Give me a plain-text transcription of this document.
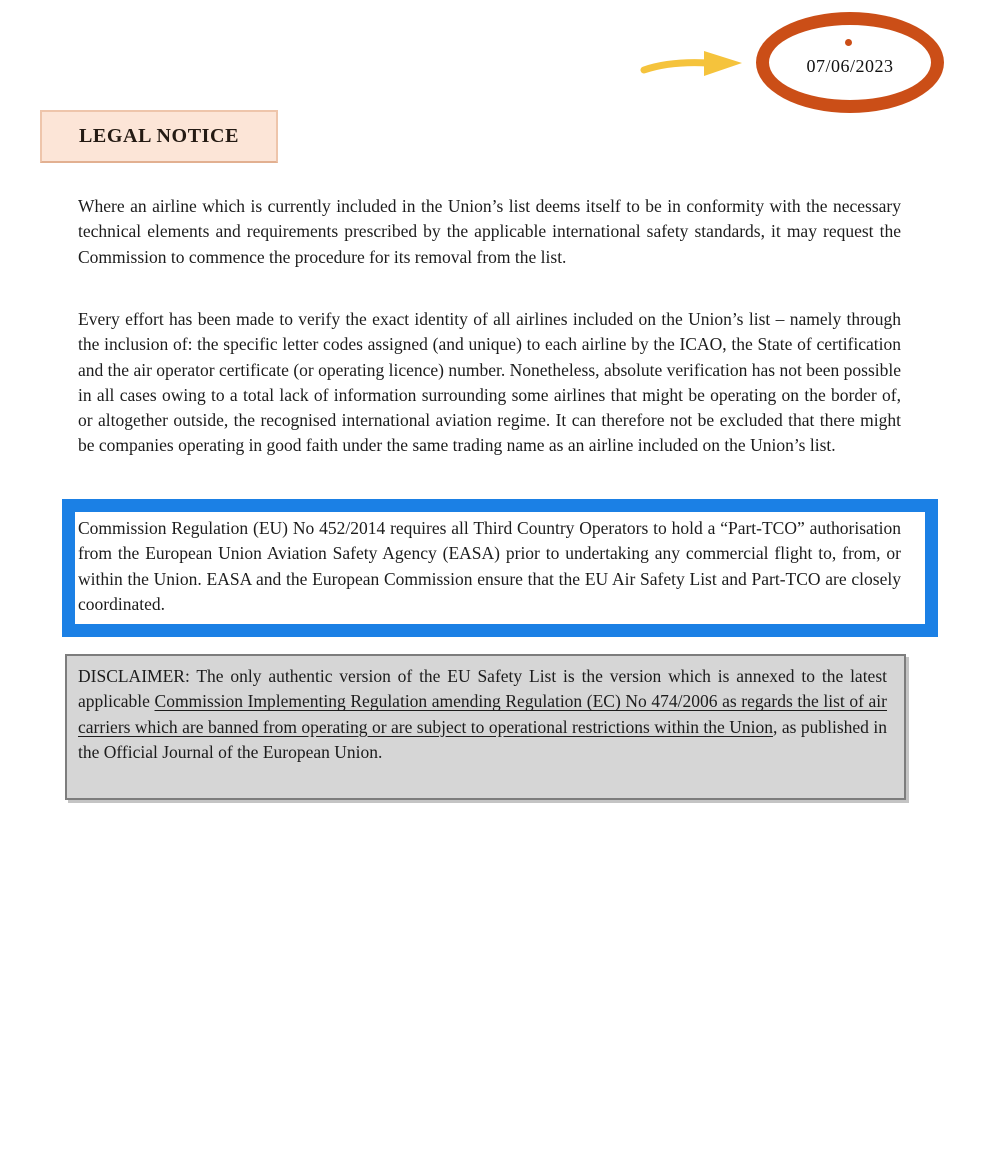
07/06/2023
LEGAL NOTICE

Where an airline which is currently included in the Union’s list deems itself to be in conformity with the necessary technical elements and requirements prescribed by the applicable international safety standards, it may request the Commission to commence the procedure for its removal from the list.

Every effort has been made to verify the exact identity of all airlines included on the Union’s list – namely through the inclusion of: the specific letter codes assigned (and unique) to each airline by the ICAO, the State of certification and the air operator certificate (or operating licence) number. Nonetheless, absolute verification has not been possible in all cases owing to a total lack of information surrounding some airlines that might be operating on the border of, or altogether outside, the recognised international aviation regime. It can therefore not be excluded that there might be companies operating in good faith under the same trading name as an airline included on the Union’s list.

Commission Regulation (EU) No 452/2014 requires all Third Country Operators to hold a “Part-TCO” authorisation from the European Union Aviation Safety Agency (EASA) prior to undertaking any commercial flight to, from, or within the Union. EASA and the European Commission ensure that the EU Air Safety List and Part-TCO are closely coordinated.

DISCLAIMER: The only authentic version of the EU Safety List is the version which is annexed to the latest applicable Commission Implementing Regulation amending Regulation (EC) No 474/2006 as regards the list of air carriers which are banned from operating or are subject to operational restrictions within the Union, as published in the Official Journal of the European Union.
